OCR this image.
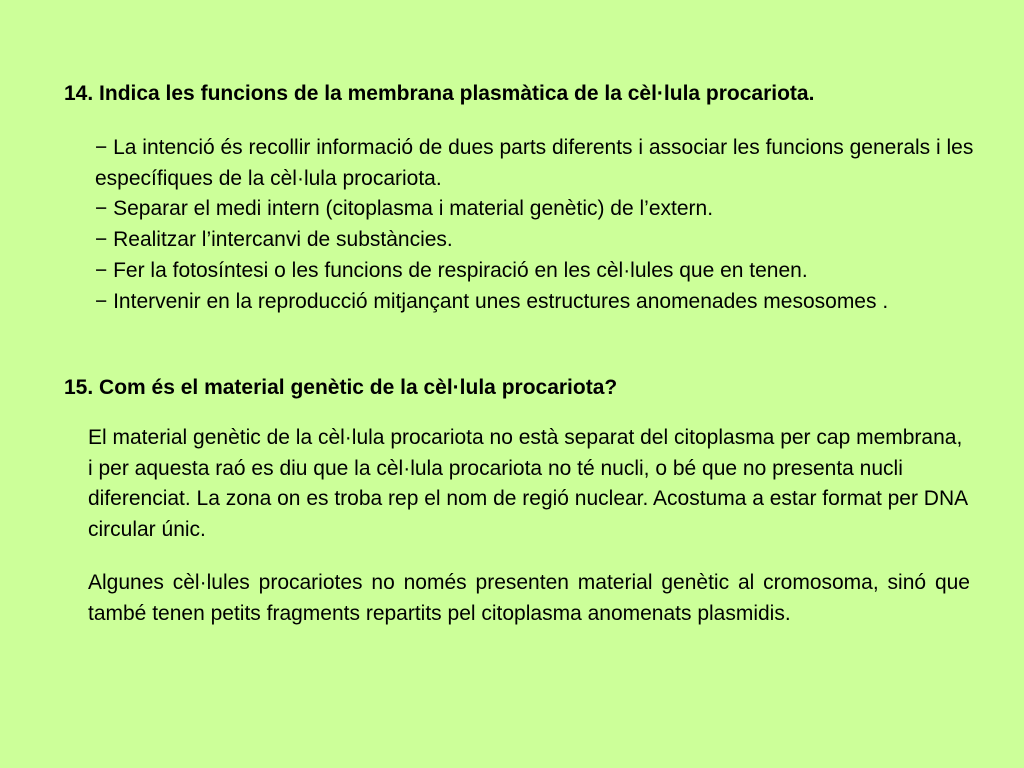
14. Indica les funcions de la membrana plasmàtica de la cèl·lula procariota.
− La intenció és recollir informació de dues parts diferents i associar les funcions generals i les específiques de la cèl·lula procariota.
− Separar el medi intern (citoplasma i material genètic) de l’extern.
− Realitzar l’intercanvi de substàncies.
− Fer la fotosíntesi o les funcions de respiració en les cèl·lules que en tenen.
− Intervenir en la reproducció mitjançant unes estructures anomenades mesosomes .
15. Com és el material genètic de la cèl·lula procariota?
El material genètic de la cèl·lula procariota no està separat del citoplasma per cap membrana, i per aquesta raó es diu que la cèl·lula procariota no té nucli, o bé que no presenta nucli diferenciat. La zona on es troba rep el nom de regió nuclear. Acostuma a estar format per DNA circular únic.
Algunes cèl·lules procariotes no només presenten material genètic al cromosoma, sinó que també tenen petits fragments repartits pel citoplasma anomenats plasmidis.
